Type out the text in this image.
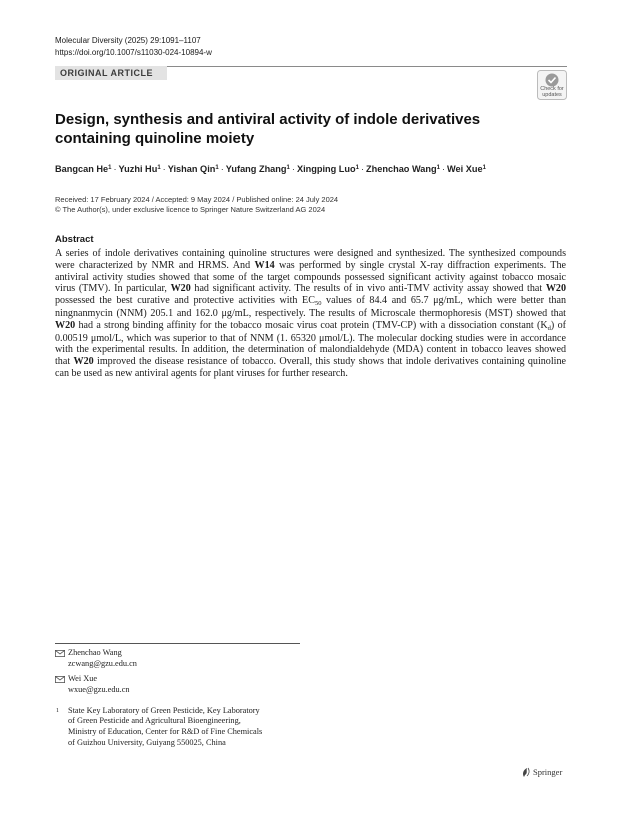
Molecular Diversity (2025) 29:1091–1107
https://doi.org/10.1007/s11030-024-10894-w
ORIGINAL ARTICLE
Check for updates
Design, synthesis and antiviral activity of indole derivatives containing quinoline moiety
Bangcan $He^1$ · Yuzhi $Hu^1$ · Yishan Qin$^1$ · Yufang Zhang$^1$ · Xingping Luo$^1$ · Zhenchao Wang$^1$ · Wei Xue$^1$
Received: 17 February 2024 / Accepted: 9 May 2024 / Published online: 24 July 2024
© The Author(s), under exclusive licence to Springer Nature Switzerland AG 2024
Abstract
A series of indole derivatives containing quinoline structures were designed and synthesized. The synthesized compounds were characterized by NMR and HRMS. And W14 was performed by single crystal X-ray diffraction experiments. The antiviral activity studies showed that some of the target compounds possessed significant activity against tobacco mosaic virus (TMV). In particular, W20 had significant activity. The results of in vivo anti-TMV activity assay showed that W20 possessed the best curative and protective activities with $EC_{50}$ values of 84.4 and 65.7 μg/mL, which were better than ningnanmycin (NNM) 205.1 and 162.0 μg/mL, respectively. The results of Microscale thermophoresis (MST) showed that W20 had a strong binding affinity for the tobacco mosaic virus coat protein (TMV-CP) with a dissociation constant $(K_d)$ of 0.00519 μmol/L, which was superior to that of NNM (1. 65320 μmol/L). The molecular docking studies were in accordance with the experimental results. In addition, the determination of malondialdehyde (MDA) content in tobacco leaves showed that W20 improved the disease resistance of tobacco. Overall, this study shows that indole derivatives containing quinoline can be used as new antiviral agents for plant viruses for further research.
Zhenchao Wang
zcwang@gzu.edu.cn
Wei Xue
wxue@gzu.edu.cn
1 State Key Laboratory of Green Pesticide, Key Laboratory
of Green Pesticide and Agricultural Bioengineering,
Ministry of Education, Center for R&D of Fine Chemicals
of Guizhou University, Guiyang 550025, China
Springer
